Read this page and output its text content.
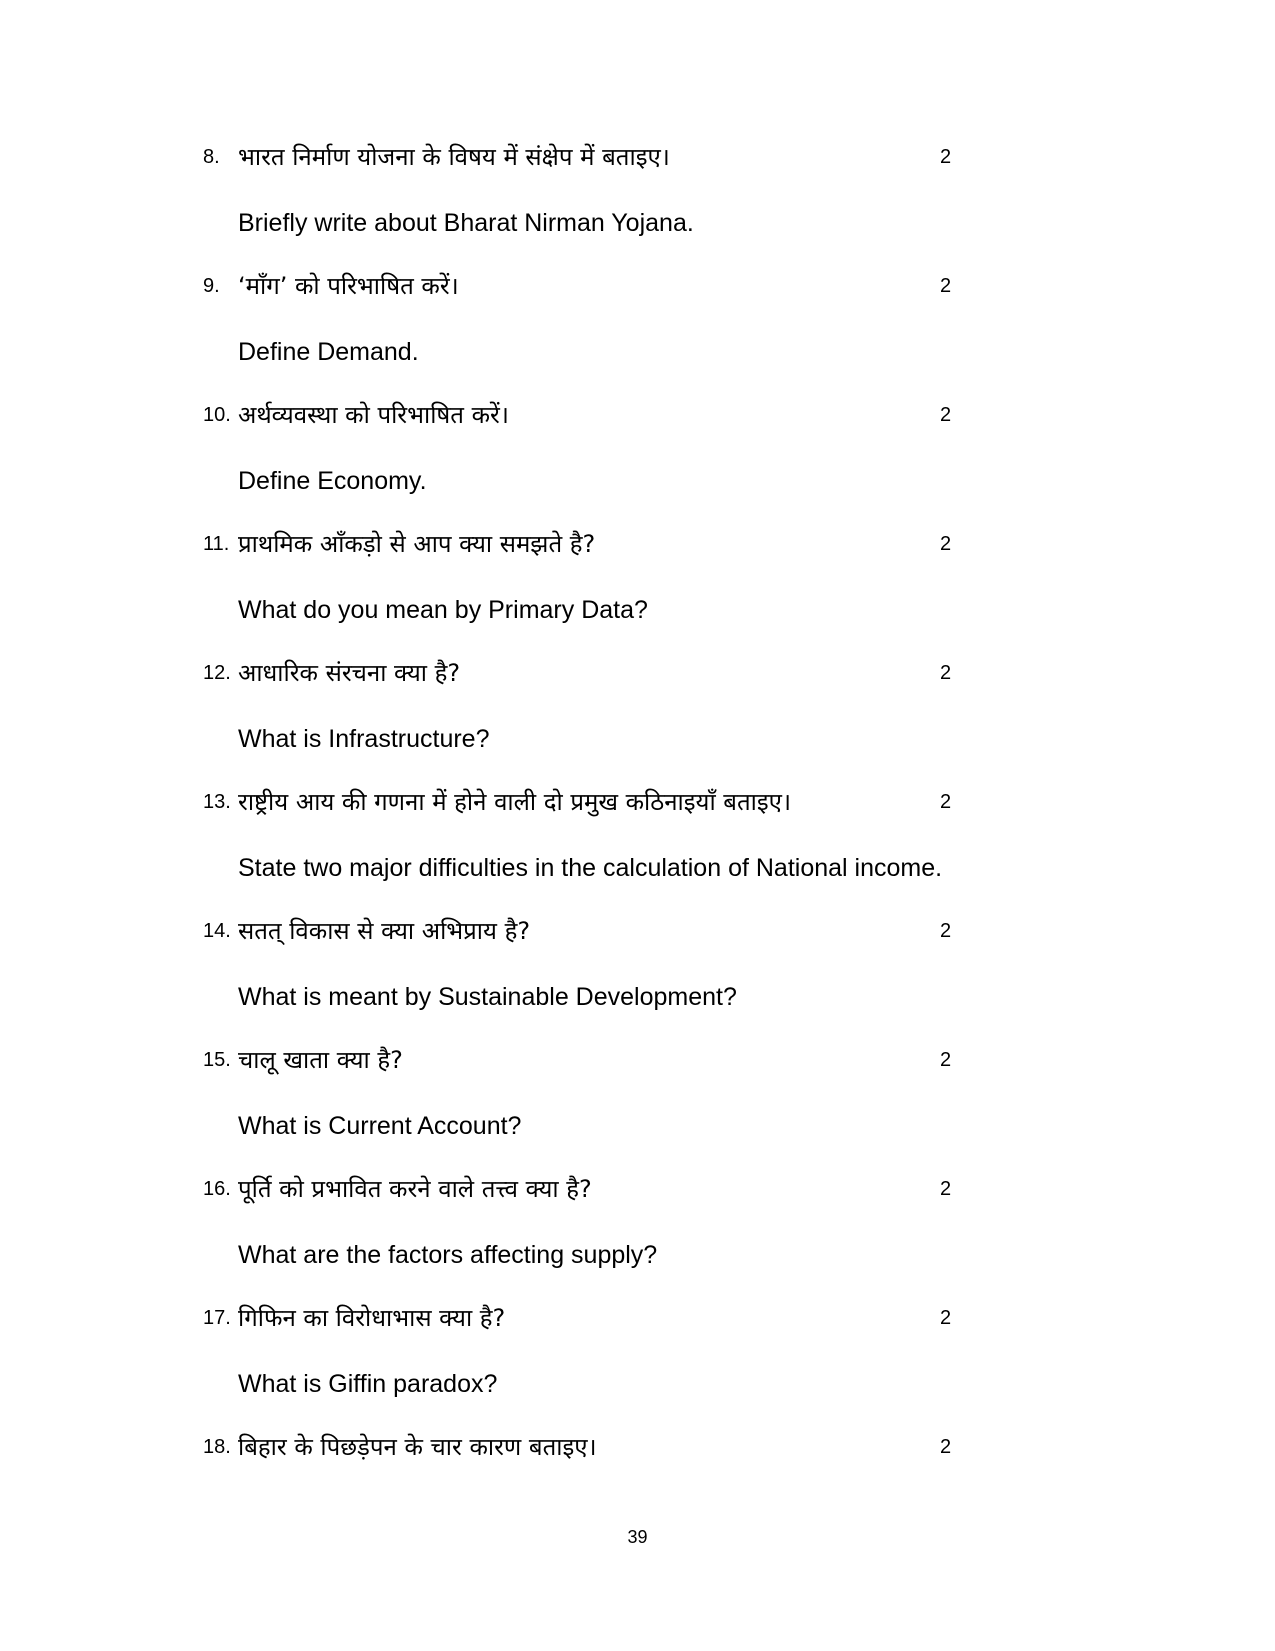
8. भारत निर्माण योजना के विषय में संक्षेप में बताइए।	2
Briefly write about Bharat Nirman Yojana.
9. ‘माँग’ को परिभाषित करें।	2
Define Demand.
10. अर्थव्यवस्था को परिभाषित करें।	2
Define Economy.
11. प्राथमिक आँकड़ो से आप क्या समझते है?	2
What do you mean by Primary Data?
12. आधारिक संरचना क्या है?	2
What is Infrastructure?
13. राष्ट्रीय आय की गणना में होने वाली दो प्रमुख कठिनाइयाँ बताइए।	2
State two major difficulties in the calculation of National income.
14. सतत् विकास से क्या अभिप्राय है?	2
What is meant by Sustainable Development?
15. चालू खाता क्या है?	2
What is Current Account?
16. पूर्ति को प्रभावित करने वाले तत्त्व क्या है?	2
What are the factors affecting supply?
17. गिफिन का विरोधाभास क्या है?	2
What is Giffin paradox?
18. बिहार के पिछड़ेपन के चार कारण बताइए।	2
39
